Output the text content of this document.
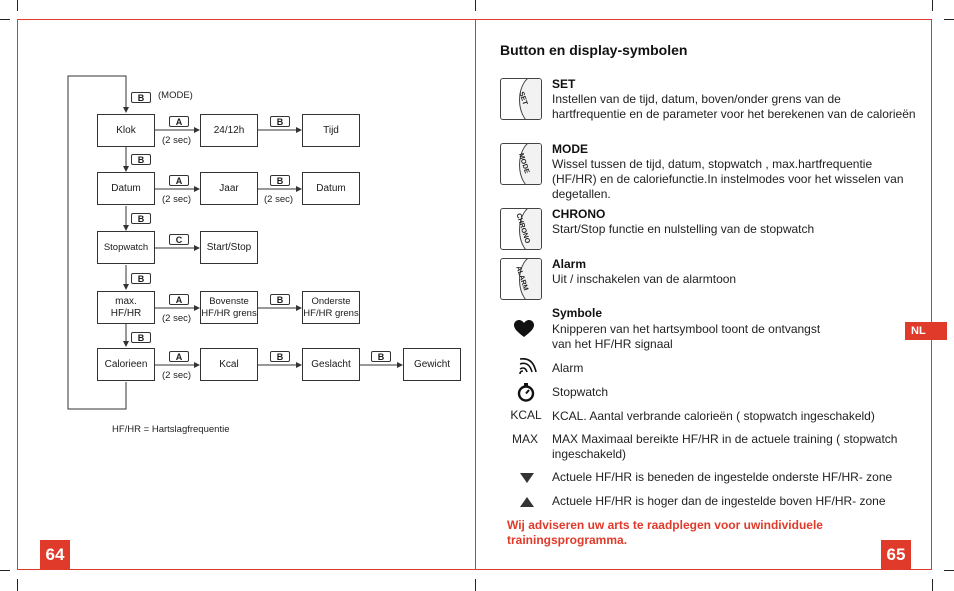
B	(MODE)
Klok
A
(2 sec)
24/12h
B
Tijd
B
Datum
A
(2 sec)
Jaar
B
(2 sec)
Datum
B
Stopwatch
C
Start/Stop
B
max.
HF/HR
A
(2 sec)
Bovenste
HF/HR grens
B	Onderste
HF/HR grens
B
Calorieen
A
(2 sec)
Kcal
B
Geslacht
B
Gewicht
HF/HR = Hartslagfrequentie
64
Button en display-symbolen
SET
SET
Instellen van de tijd, datum, boven/onder grens van de hartfrequentie en de parameter voor het berekenen van de calorieën
MODE
MODE
Wissel tussen de tijd, datum, stopwatch , max.hartfrequentie (HF/HR) en de caloriefunctie.In instelmodes voor het wisselen van degetallen.
CHRONO CHRONO
Start/Stop functie en nulstelling van de stopwatch
ALARM
Alarm
Uit / inschakelen van de alarmtoon
Symbole
Knipperen van het hartsymbool toont de ontvangst
van het HF/HR signaal
Alarm
Stopwatch
KCAL KCAL. Aantal verbrande calorieën ( stopwatch ingeschakeld)
MAX	MAX Maximaal bereikte HF/HR in de actuele training ( stopwatch ingeschakeld)
Actuele HF/HR is beneden de ingestelde onderste HF/HR- zone
Actuele HF/HR is hoger dan de ingestelde boven HF/HR- zone
Wij adviseren uw arts te raadplegen voor uwindividuele trainingsprogramma.
NL
65
